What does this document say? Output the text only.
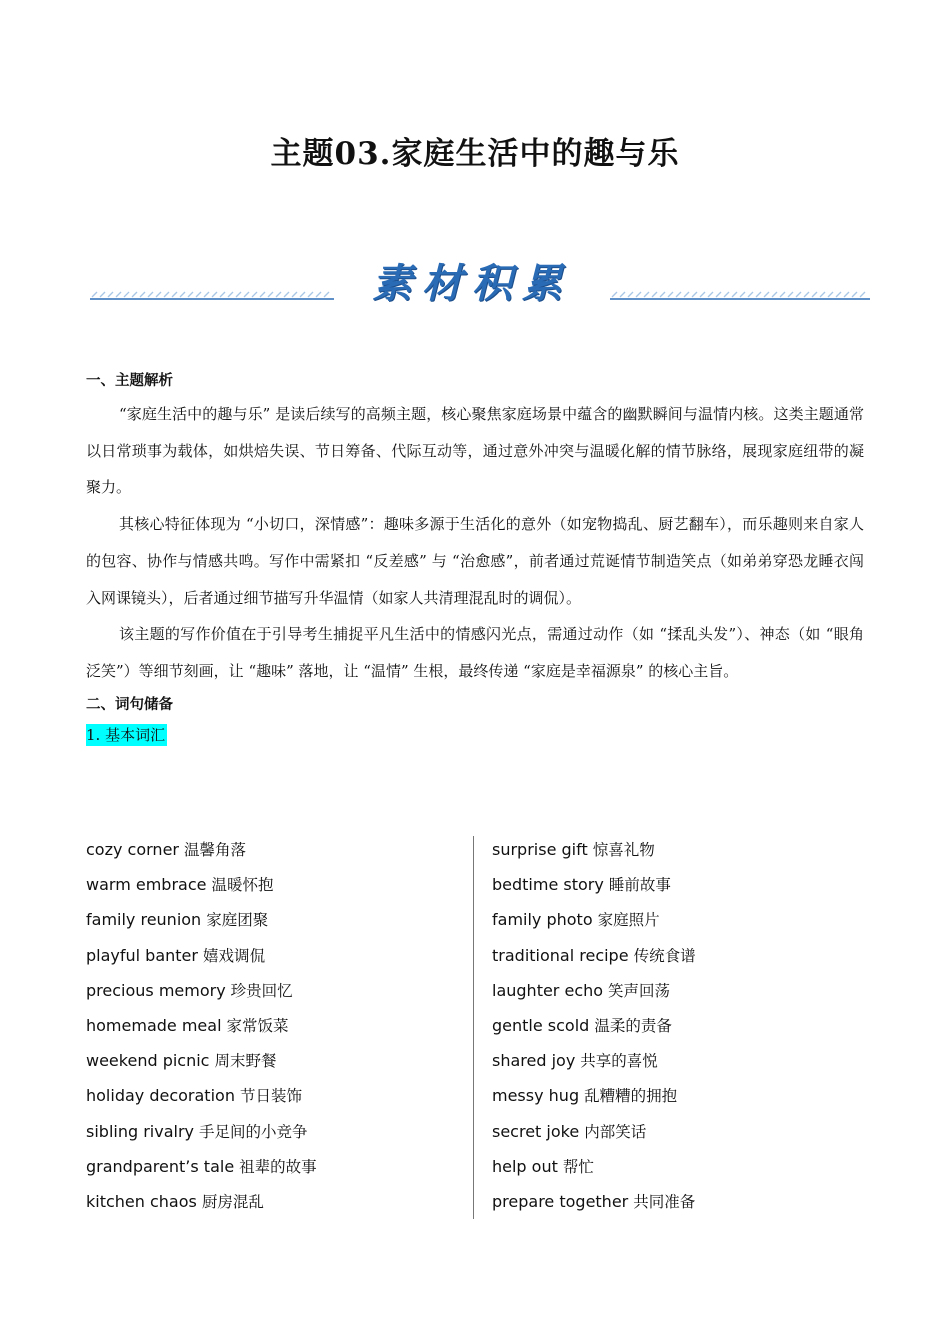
主题03.家庭生活中的趣与乐
素材积累
一、主题解析

“家庭生活中的趣与乐” 是读后续写的高频主题，核心聚焦家庭场景中蕴含的幽默瞬间与温情内核。这类主题通常以日常琐事为载体，如烘焙失误、节日筹备、代际互动等，通过意外冲突与温暖化解的情节脉络，展现家庭纽带的凝聚力。

其核心特征体现为 “小切口，深情感”：趣味多源于生活化的意外（如宠物捣乱、厨艺翻车），而乐趣则来自家人的包容、协作与情感共鸣。写作中需紧扣 “反差感” 与 “治愈感”，前者通过荒诞情节制造笑点（如弟弟穿恐龙睡衣闯入网课镜头），后者通过细节描写升华温情（如家人共清理混乱时的调侃）。

该主题的写作价值在于引导考生捕捉平凡生活中的情感闪光点，需通过动作（如 “揉乱头发”）、神态（如 “眼角泛笑”）等细节刻画，让 “趣味” 落地，让 “温情” 生根，最终传递 “家庭是幸福源泉” 的核心主旨。

二、词句储备
1. 基本词汇
cozy corner 温馨角落
warm embrace 温暖怀抱
family reunion 家庭团聚
playful banter 嬉戏调侃
precious memory 珍贵回忆
homemade meal 家常饭菜
weekend picnic 周末野餐
holiday decoration 节日装饰
sibling rivalry 手足间的小竞争
grandparent’s tale 祖辈的故事
kitchen chaos 厨房混乱
surprise gift 惊喜礼物
bedtime story 睡前故事
family photo 家庭照片
traditional recipe 传统食谱
laughter echo 笑声回荡
gentle scold 温柔的责备
shared joy 共享的喜悦
messy hug 乱糟糟的拥抱
secret joke 内部笑话
help out 帮忙
prepare together 共同准备
